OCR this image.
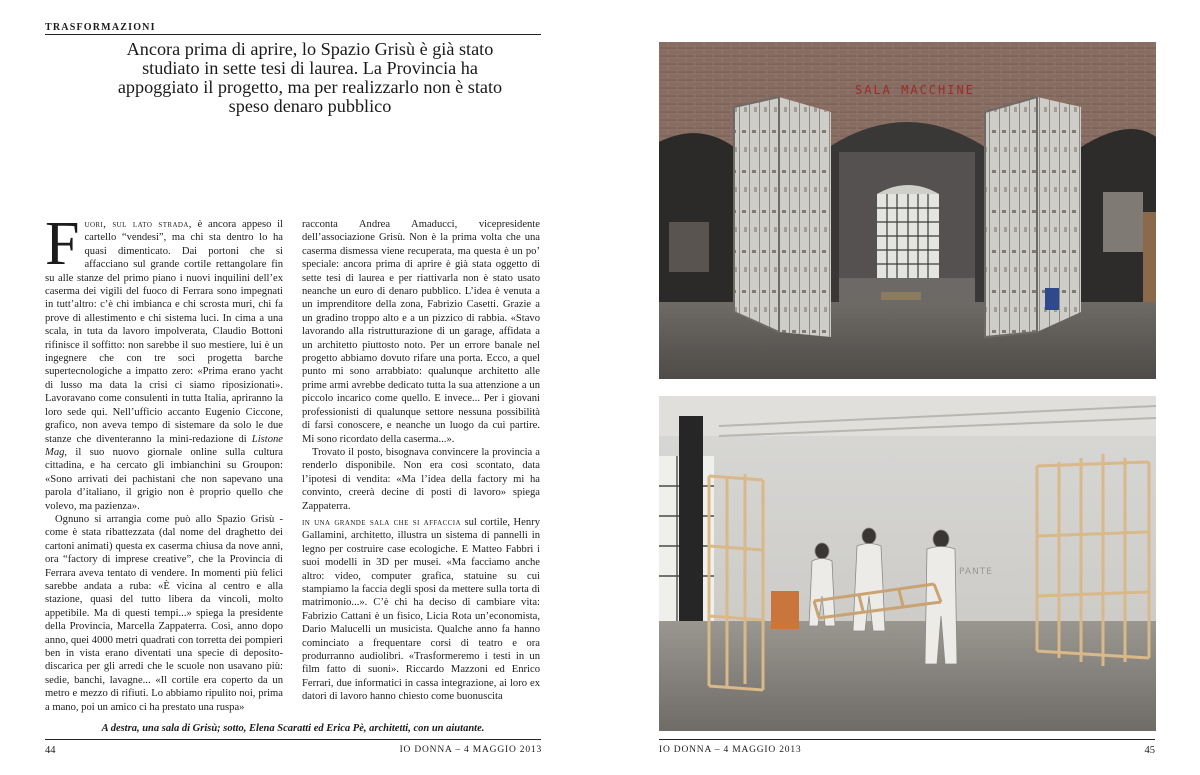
TRASFORMAZIONI
Ancora prima di aprire, lo Spazio Grisù è già stato studiato in sette tesi di laurea. La Provincia ha appoggiato il progetto, ma per realizzarlo non è stato speso denaro pubblico

Fuori, sul lato strada, è ancora appeso il cartello “vendesi”, ma chi sta dentro lo ha quasi dimenticato. Dai portoni che si affacciano sul grande cortile rettangolare fin su alle stanze del primo piano i nuovi inquilini dell’ex caserma dei vigili del fuoco di Ferrara sono impegnati in tutt’altro: c’è chi imbianca e chi scrosta muri, chi fa prove di allestimento e chi sistema luci. In cima a una scala, in tuta da lavoro impolverata, Claudio Bottoni rifinisce il soffitto: non sarebbe il suo mestiere, lui è un ingegnere che con tre soci progetta barche supertecnologiche a impatto zero: «Prima erano yacht di lusso ma data la crisi ci siamo riposizionati». Lavoravano come consulenti in tutta Italia, apriranno la loro sede qui. Nell’ufficio accanto Eugenio Ciccone, grafico, non aveva tempo di sistemare da solo le due stanze che diventeranno la mini-redazione di Listone Mag, il suo nuovo giornale online sulla cultura cittadina, e ha cercato gli imbianchini su Groupon: «Sono arrivati dei pachistani che non sapevano una parola d’italiano, il grigio non è proprio quello che volevo, ma pazienza».

Ognuno si arrangia come può allo Spazio Grisù - come è stata ribattezzata (dal nome del draghetto dei cartoni animati) questa ex caserma chiusa da nove anni, ora “factory di imprese creative”, che la Provincia di Ferrara aveva tentato di vendere. In momenti più felici sarebbe andata a ruba: «È vicina al centro e alla stazione, quasi del tutto libera da vincoli, molto appetibile. Ma di questi tempi...» spiega la presidente della Provincia, Marcella Zappaterra. Così, anno dopo anno, quei 4000 metri quadrati con torretta dei pompieri ben in vista erano diventati una specie di deposito-discarica per gli arredi che le scuole non usavano più: sedie, banchi, lavagne... «Il cortile era coperto da un metro e mezzo di rifiuti. Lo abbiamo ripulito noi, prima a mano, poi un amico ci ha prestato una ruspa»

racconta Andrea Amaducci, vicepresidente dell’associazione Grisù. Non è la prima volta che una caserma dismessa viene recuperata, ma questa è un po’ speciale: ancora prima di aprire è già stata oggetto di sette tesi di laurea e per riattivarla non è stato usato neanche un euro di denaro pubblico. L’idea è venuta a un imprenditore della zona, Fabrizio Casetti. Grazie a un gradino troppo alto e a un pizzico di rabbia. «Stavo lavorando alla ristrutturazione di un garage, affidata a un architetto piuttosto noto. Per un errore banale nel progetto abbiamo dovuto rifare una porta. Ecco, a quel punto mi sono arrabbiato: qualunque architetto alle prime armi avrebbe dedicato tutta la sua attenzione a un piccolo incarico come quello. E invece... Per i giovani professionisti di qualunque settore nessuna possibilità di farsi conoscere, e neanche un luogo da cui partire. Mi sono ricordato della caserma...».

Trovato il posto, bisognava convincere la provincia a renderlo disponibile. Non era così scontato, data l’ipotesi di vendita: «Ma l’idea della factory mi ha convinto, creerà decine di posti di lavoro» spiega Zappaterra.

in una grande sala che si affaccia sul cortile, Henry Gallamini, architetto, illustra un sistema di pannelli in legno per costruire case ecologiche. E Matteo Fabbri i suoi modelli in 3D per musei. «Ma facciamo anche altro: video, computer grafica, statuine su cui stampiamo la faccia degli sposi da mettere sulla torta di matrimonio...». C’è chi ha deciso di cambiare vita: Fabrizio Cattani è un fisico, Licia Rota un’economista, Dario Malucelli un musicista. Qualche anno fa hanno cominciato a frequentare corsi di teatro e ora produrranno audiolibri. «Trasformeremo i testi in un film fatto di suoni». Riccardo Mazzoni ed Enrico Ferrari, due informatici in cassa integrazione, ai loro ex datori di lavoro hanno chiesto come buonuscita

A destra, una sala di Grisù; sotto, Elena Scaratti ed Erica Pè, architetti, con un aiutante.
44	IO DONNA – 4 MAGGIO 2013
SALA MACCHINE
PANTE
IO DONNA – 4 MAGGIO 2013	45
